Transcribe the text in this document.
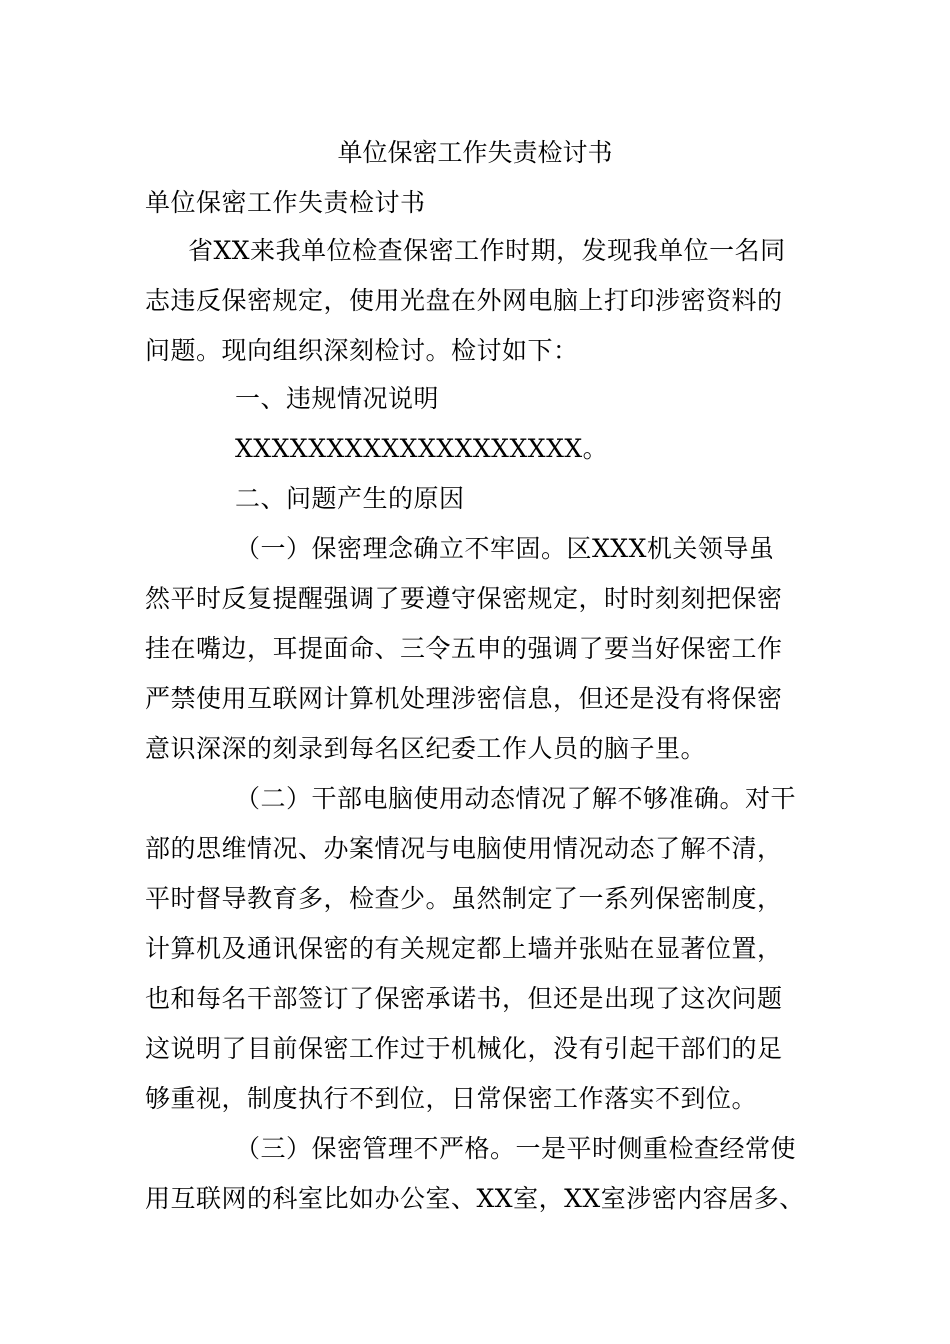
单位保密工作失责检讨书
单位保密工作失责检讨书
省XX来我单位检查保密工作时期，发现我单位一名同
志违反保密规定，使用光盘在外网电脑上打印涉密资料的
问题。现向组织深刻检讨。检讨如下：
一、违规情况说明
XXXXXXXXXXXXXXXXXXX。
二、问题产生的原因
（一）保密理念确立不牢固。区XXX机关领导虽
然平时反复提醒强调了要遵守保密规定，时时刻刻把保密
挂在嘴边，耳提面命、三令五申的强调了要当好保密工作
严禁使用互联网计算机处理涉密信息，但还是没有将保密
意识深深的刻录到每名区纪委工作人员的脑子里。
（二）干部电脑使用动态情况了解不够准确。对干
部的思维情况、办案情况与电脑使用情况动态了解不清，
平时督导教育多，检查少。虽然制定了一系列保密制度，
计算机及通讯保密的有关规定都上墙并张贴在显著位置，
也和每名干部签订了保密承诺书，但还是出现了这次问题
这说明了目前保密工作过于机械化，没有引起干部们的足
够重视，制度执行不到位，日常保密工作落实不到位。
（三）保密管理不严格。一是平时侧重检查经常使
用互联网的科室比如办公室、XX室，XX室涉密内容居多、
